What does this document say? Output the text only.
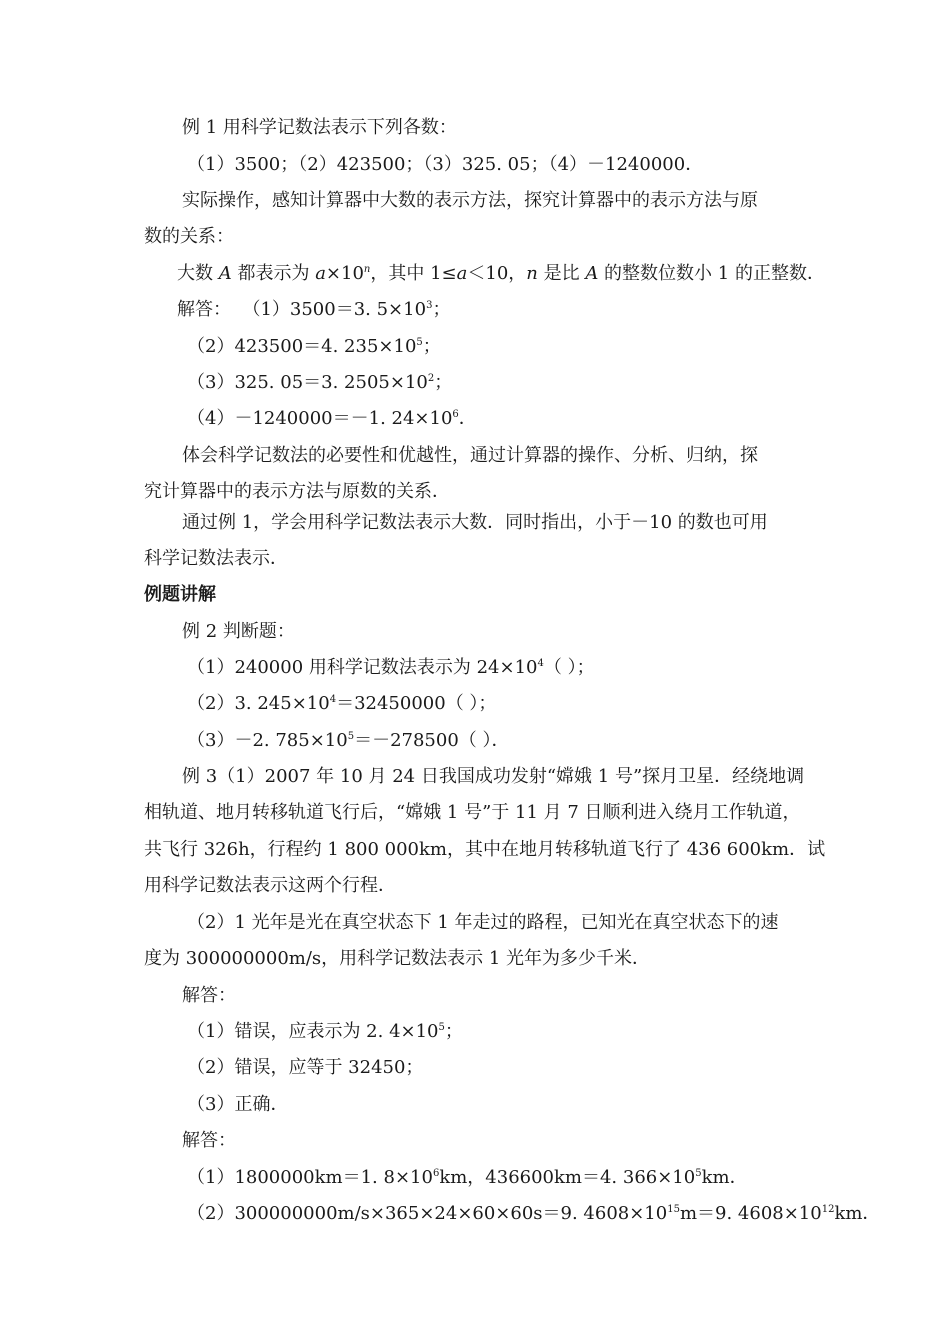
例 1 用科学记数法表示下列各数：
（1）3500；（2）423500；（3）325. 05；（4）－1240000．
实际操作，感知计算器中大数的表示方法，探究计算器中的表示方法与原
数的关系：
大数 A 都表示为 $a\times 10^n$，其中 1≤a＜10，n 是比 A 的整数位数小 1 的正整数．
解答： （1）3500＝3. $5\times 10^3$；
（2）423500＝4. $235\times 10^5$；
（3）325. 05＝3. $2505\times 10^2$；
（4）－1240000＝－1. $24\times 10^6$．
体会科学记数法的必要性和优越性，通过计算器的操作、分析、归纳，探
究计算器中的表示方法与原数的关系．
通过例 1，学会用科学记数法表示大数．同时指出，小于－10 的数也可用
科学记数法表示．
例题讲解
例 2 判断题：
（1）240000 用科学记数法表示为 $24\times 10^4$（ ）；
（2）3. $245\times 10^4=32450000$（ ）；
（3）－2. $785\times 10^5=-278500$（ ）．
例 3（1）2007 年 10 月 24 日我国成功发射“嫦娥 1 号”探月卫星．经绕地调
相轨道、地月转移轨道飞行后，“嫦娥 1 号”于 11 月 7 日顺利进入绕月工作轨道，
共飞行 326h，行程约 1 800 000km，其中在地月转移轨道飞行了 436 600km．试
用科学记数法表示这两个行程．
（2）1 光年是光在真空状态下 1 年走过的路程，已知光在真空状态下的速
度为 300000000m/s，用科学记数法表示 1 光年为多少千米．
解答：
（1）错误，应表示为 2. $4\times 10^5$；
（2）错误，应等于 32450；
（3）正确．
解答：
（1）1800000km＝1. $8\times 10^6km$，436600km＝4. $366\times 10^5km$．
（2）300000000m/s×365×24×60×60s＝9. $4608\times 10^{15}m=9$. $4608\times 10^{12}km$．
